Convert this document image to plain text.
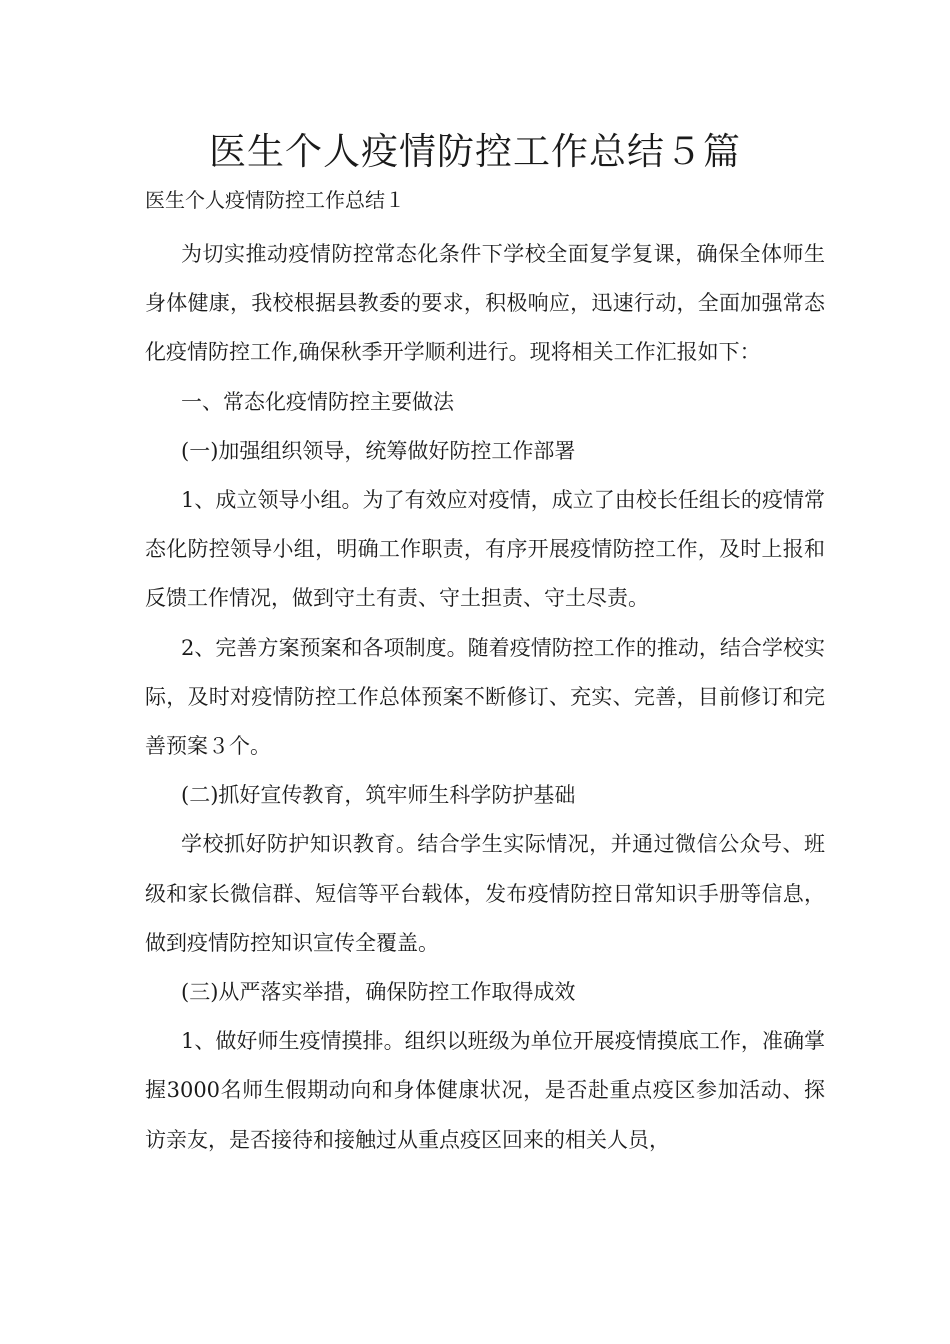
医生个人疫情防控工作总结５篇

医生个人疫情防控工作总结１

为切实推动疫情防控常态化条件下学校全面复学复课，确保全体师生身体健康，我校根据县教委的要求，积极响应，迅速行动，全面加强常态化疫情防控工作,确保秋季开学顺利进行。现将相关工作汇报如下：

一、常态化疫情防控主要做法

(一)加强组织领导，统筹做好防控工作部署

1、成立领导小组。为了有效应对疫情，成立了由校长任组长的疫情常态化防控领导小组，明确工作职责，有序开展疫情防控工作，及时上报和反馈工作情况，做到守土有责、守土担责、守土尽责。

2、完善方案预案和各项制度。随着疫情防控工作的推动，结合学校实际，及时对疫情防控工作总体预案不断修订、充实、完善，目前修订和完善预案３个。

(二)抓好宣传教育，筑牢师生科学防护基础

学校抓好防护知识教育。结合学生实际情况，并通过微信公众号、班级和家长微信群、短信等平台载体，发布疫情防控日常知识手册等信息，做到疫情防控知识宣传全覆盖。

(三)从严落实举措，确保防控工作取得成效

1、做好师生疫情摸排。组织以班级为单位开展疫情摸底工作，准确掌握3000名师生假期动向和身体健康状况，是否赴重点疫区参加活动、探访亲友，是否接待和接触过从重点疫区回来的相关人员，
